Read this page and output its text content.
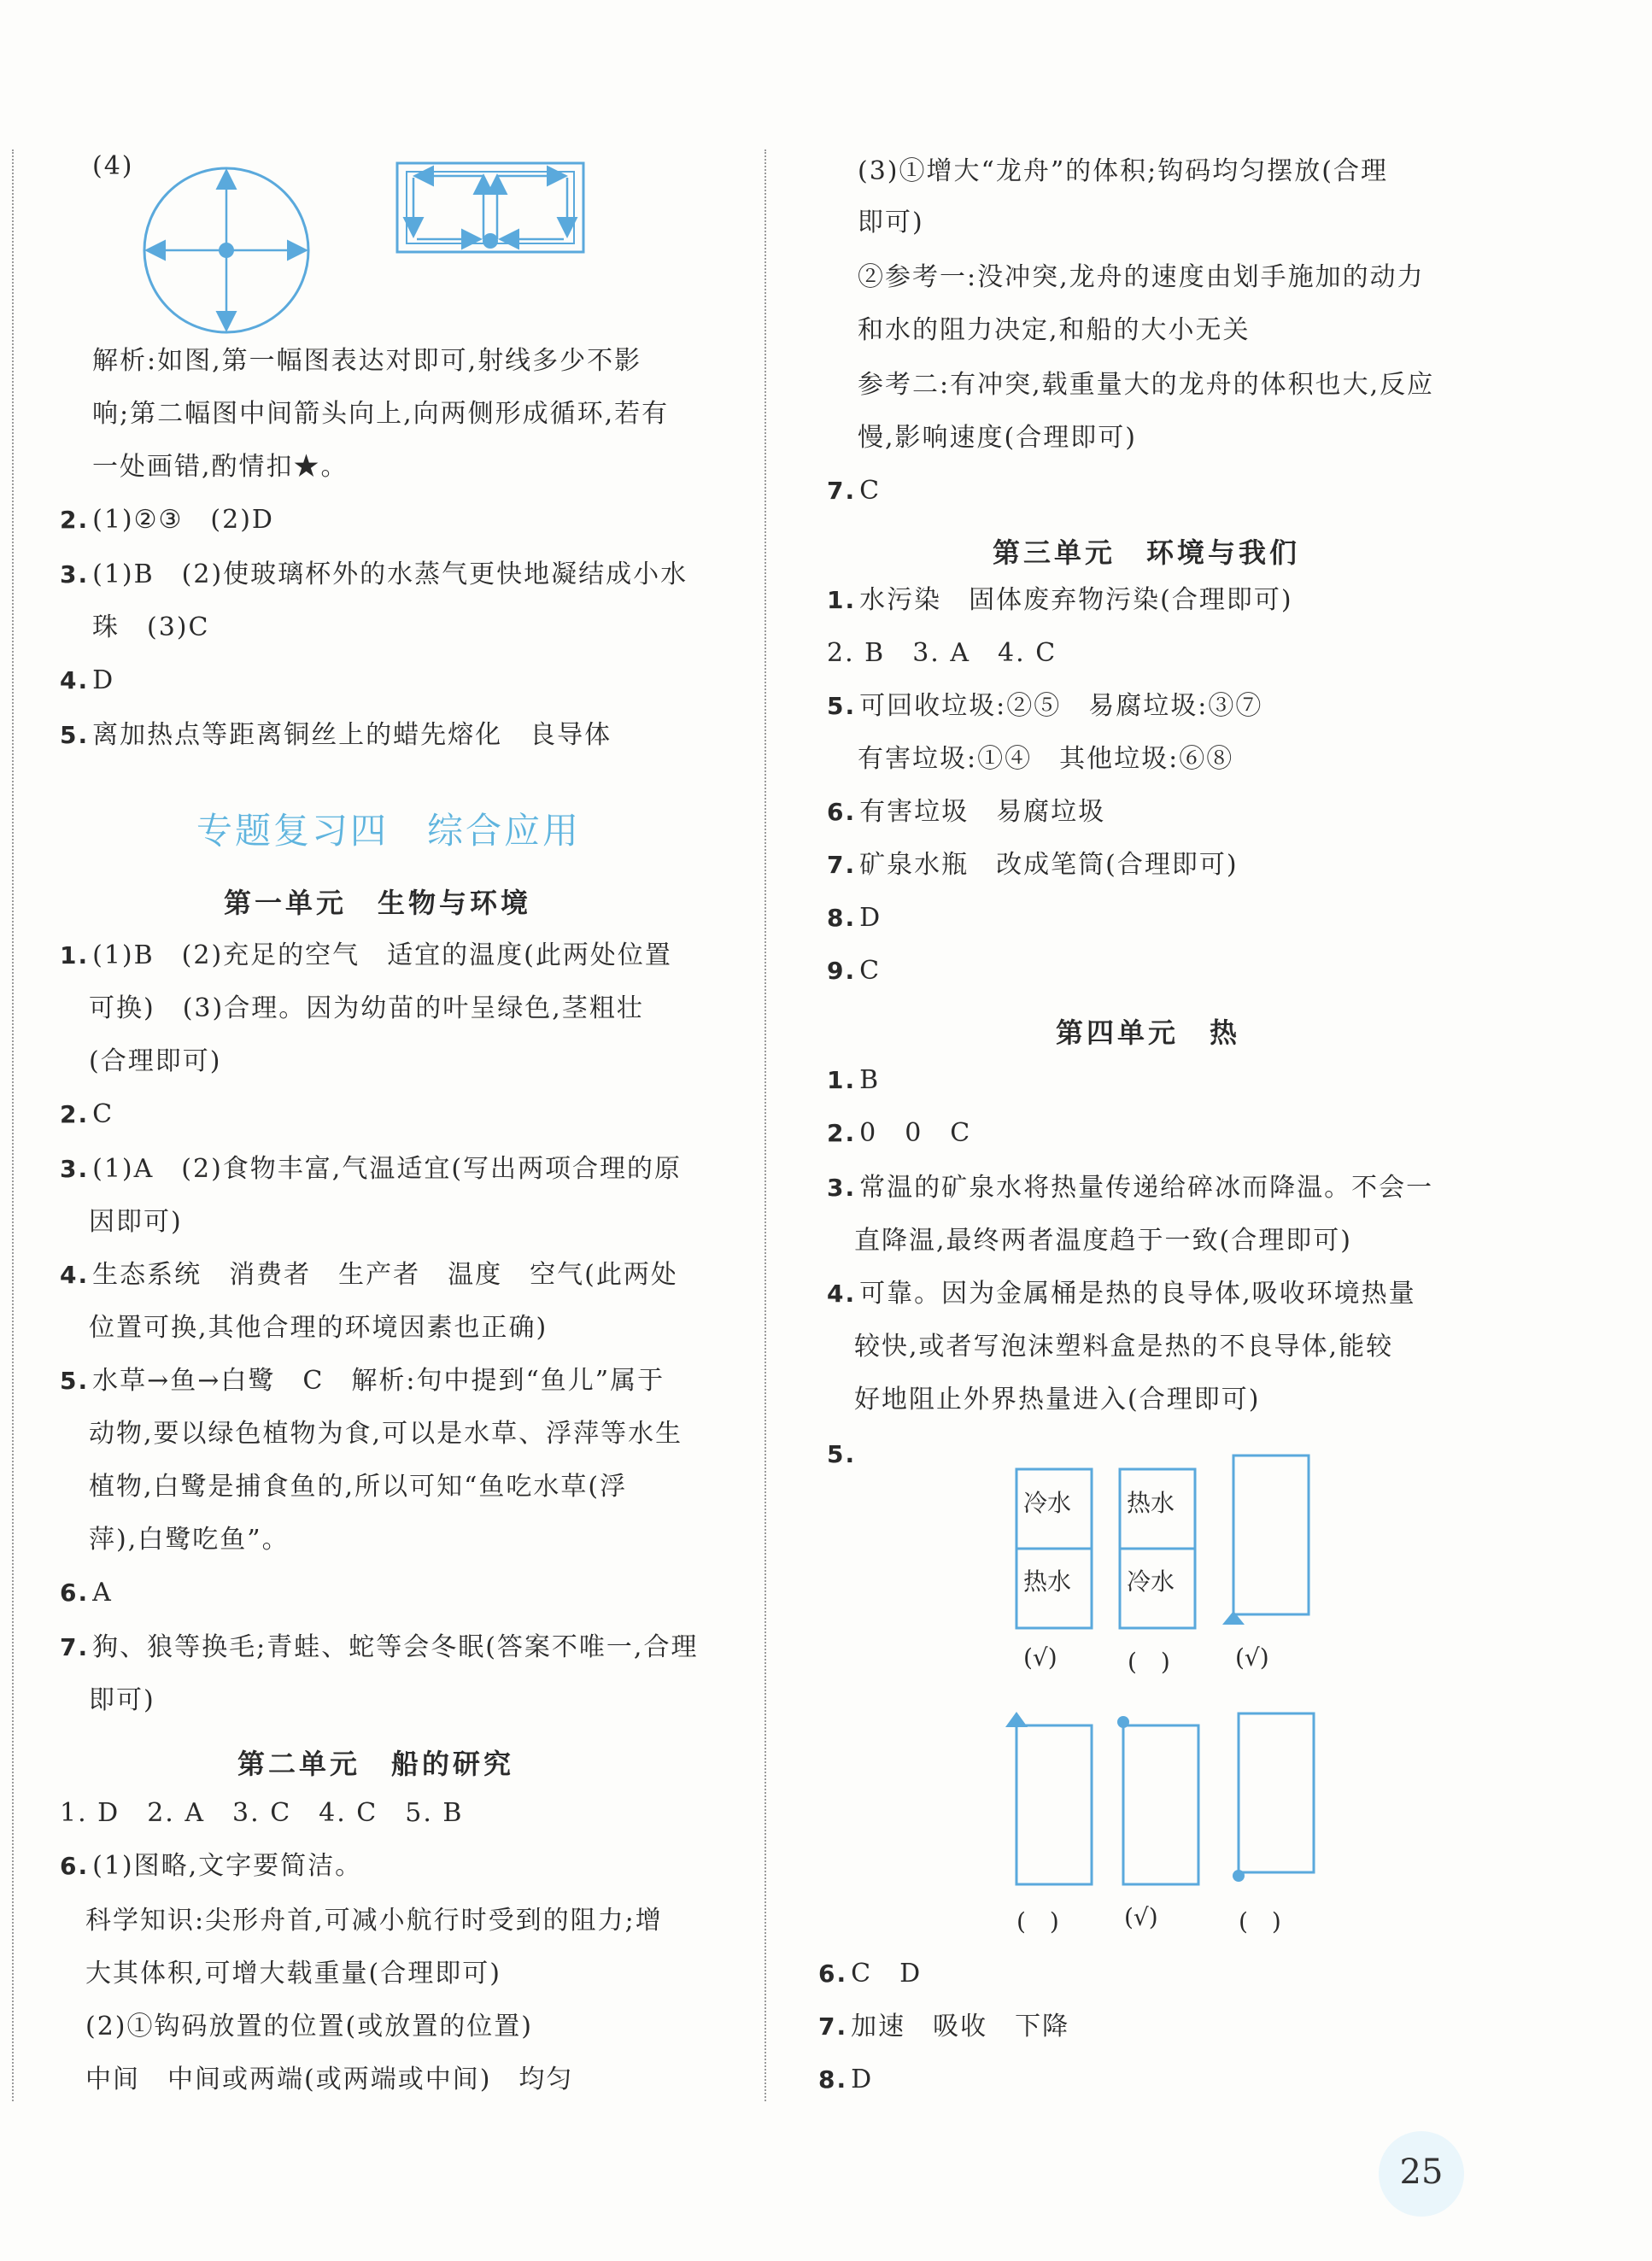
(4)
解析:如图,第一幅图表达对即可,射线多少不影
响;第二幅图中间箭头向上,向两侧形成循环,若有
一处画错,酌情扣★。
2. (1)②③　(2)D
3. (1)B　(2)使玻璃杯外的水蒸气更快地凝结成小水
珠　(3)C
4. D
5. 离加热点等距离铜丝上的蜡先熔化　良导体
专题复习四　综合应用
第一单元　生物与环境
1. (1)B　(2)充足的空气　适宜的温度(此两处位置
可换)　(3)合理。因为幼苗的叶呈绿色,茎粗壮
(合理即可)
2. C
3. (1)A　(2)食物丰富,气温适宜(写出两项合理的原
因即可)
4. 生态系统　消费者　生产者　温度　空气(此两处
位置可换,其他合理的环境因素也正确)
5. 水草→鱼→白鹭　C　解析:句中提到“鱼儿”属于
动物,要以绿色植物为食,可以是水草、浮萍等水生
植物,白鹭是捕食鱼的,所以可知“鱼吃水草(浮
萍),白鹭吃鱼”。
6. A
7. 狗、狼等换毛;青蛙、蛇等会冬眠(答案不唯一,合理
即可)
第二单元　船的研究
1. D　2. A　3. C　4. C　5. B
6. (1)图略,文字要简洁。
科学知识:尖形舟首,可减小航行时受到的阻力;增
大其体积,可增大载重量(合理即可)
(2)①钩码放置的位置(或放置的位置)
中间　中间或两端(或两端或中间)　均匀
(3)①增大“龙舟”的体积;钩码均匀摆放(合理
即可)
②参考一:没冲突,龙舟的速度由划手施加的动力
和水的阻力决定,和船的大小无关
参考二:有冲突,载重量大的龙舟的体积也大,反应
慢,影响速度(合理即可)
7. C
第三单元　环境与我们
1. 水污染　固体废弃物污染(合理即可)
2. B　3. A　4. C
5. 可回收垃圾:②⑤　易腐垃圾:③⑦
有害垃圾:①④　其他垃圾:⑥⑧
6. 有害垃圾　易腐垃圾
7. 矿泉水瓶　改成笔筒(合理即可)
8. D
9. C
第四单元　热
1. B
2. 0　0　C
3. 常温的矿泉水将热量传递给碎冰而降温。不会一
直降温,最终两者温度趋于一致(合理即可)
4. 可靠。因为金属桶是热的良导体,吸收环境热量
较快,或者写泡沫塑料盒是热的不良导体,能较
好地阻止外界热量进入(合理即可)
5.
冷水
热水
热水
冷水
(√)	(　)	(√)
(　)	(√)	(　)
6. C　D
7. 加速　吸收　下降
8. D
25
